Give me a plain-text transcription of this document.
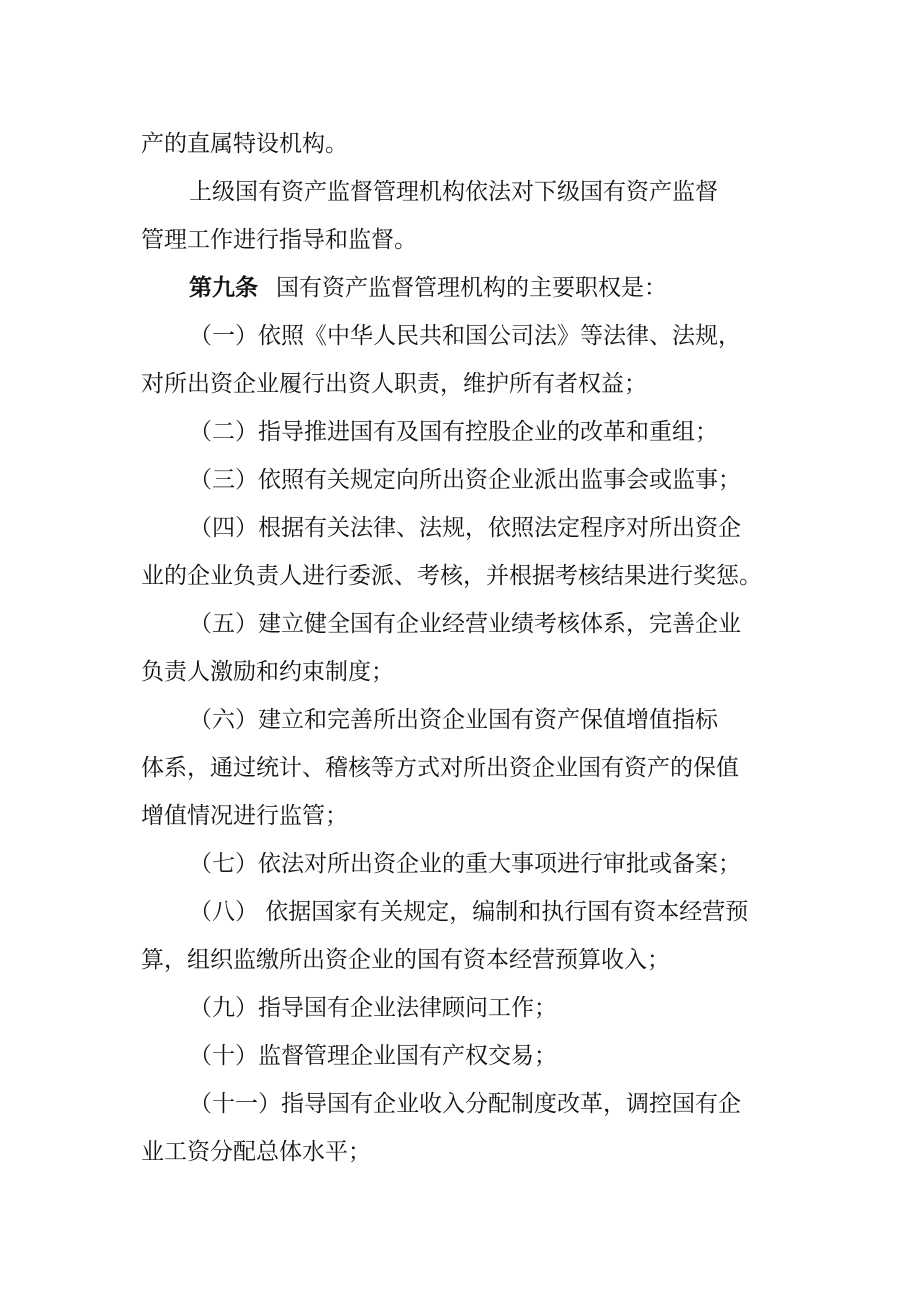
产的直属特设机构。
上级国有资产监督管理机构依法对下级国有资产监督
管理工作进行指导和监督。
第九条 国有资产监督管理机构的主要职权是：
（一）依照《中华人民共和国公司法》等法律、法规，
对所出资企业履行出资人职责，维护所有者权益；
（二）指导推进国有及国有控股企业的改革和重组；
（三）依照有关规定向所出资企业派出监事会或监事；
（四）根据有关法律、法规，依照法定程序对所出资企
业的企业负责人进行委派、考核，并根据考核结果进行奖惩。
（五）建立健全国有企业经营业绩考核体系，完善企业
负责人激励和约束制度；
（六）建立和完善所出资企业国有资产保值增值指标
体系，通过统计、稽核等方式对所出资企业国有资产的保值
增值情况进行监管；
（七）依法对所出资企业的重大事项进行审批或备案；
（八） 依据国家有关规定，编制和执行国有资本经营预
算，组织监缴所出资企业的国有资本经营预算收入；
（九）指导国有企业法律顾问工作；
（十）监督管理企业国有产权交易；
（十一）指导国有企业收入分配制度改革，调控国有企
业工资分配总体水平；
